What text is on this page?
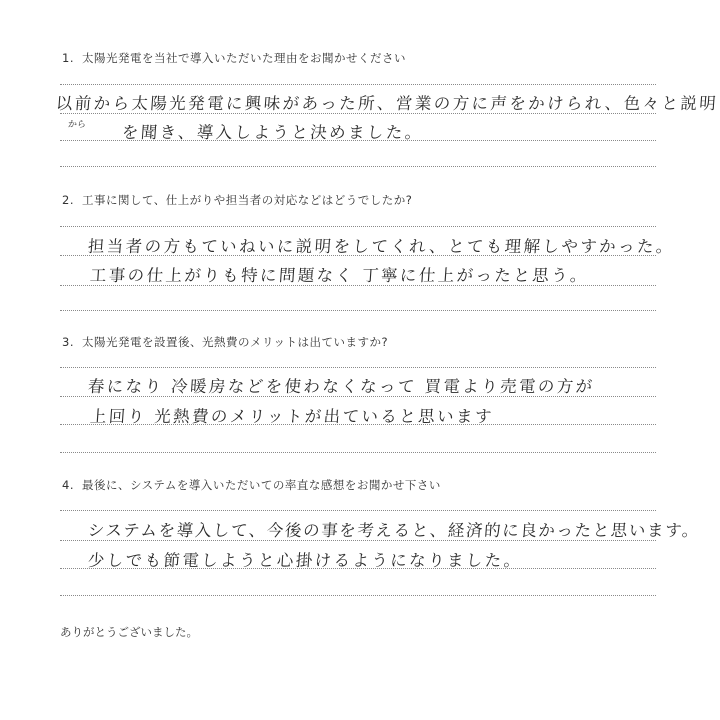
1. 太陽光発電を当社で導入いただいた理由をお聞かせください
以前から太陽光発電に興味があった所、営業の方に声をかけられ、色々と説明
から を聞き、導入しようと決めました。
2. 工事に関して、仕上がりや担当者の対応などはどうでしたか?
担当者の方もていねいに説明をしてくれ、とても理解しやすかった。
工事の仕上がりも特に問題なく 丁寧に仕上がったと思う。
3. 太陽光発電を設置後、光熱費のメリットは出ていますか?
春になり 冷暖房などを使わなくなって 買電より売電の方が
上回り 光熱費のメリットが出ていると思います
4. 最後に、システムを導入いただいての率直な感想をお聞かせ下さい
システムを導入して、今後の事を考えると、経済的に良かったと思います。
少しでも節電しようと心掛けるようになりました。
ありがとうございました。
